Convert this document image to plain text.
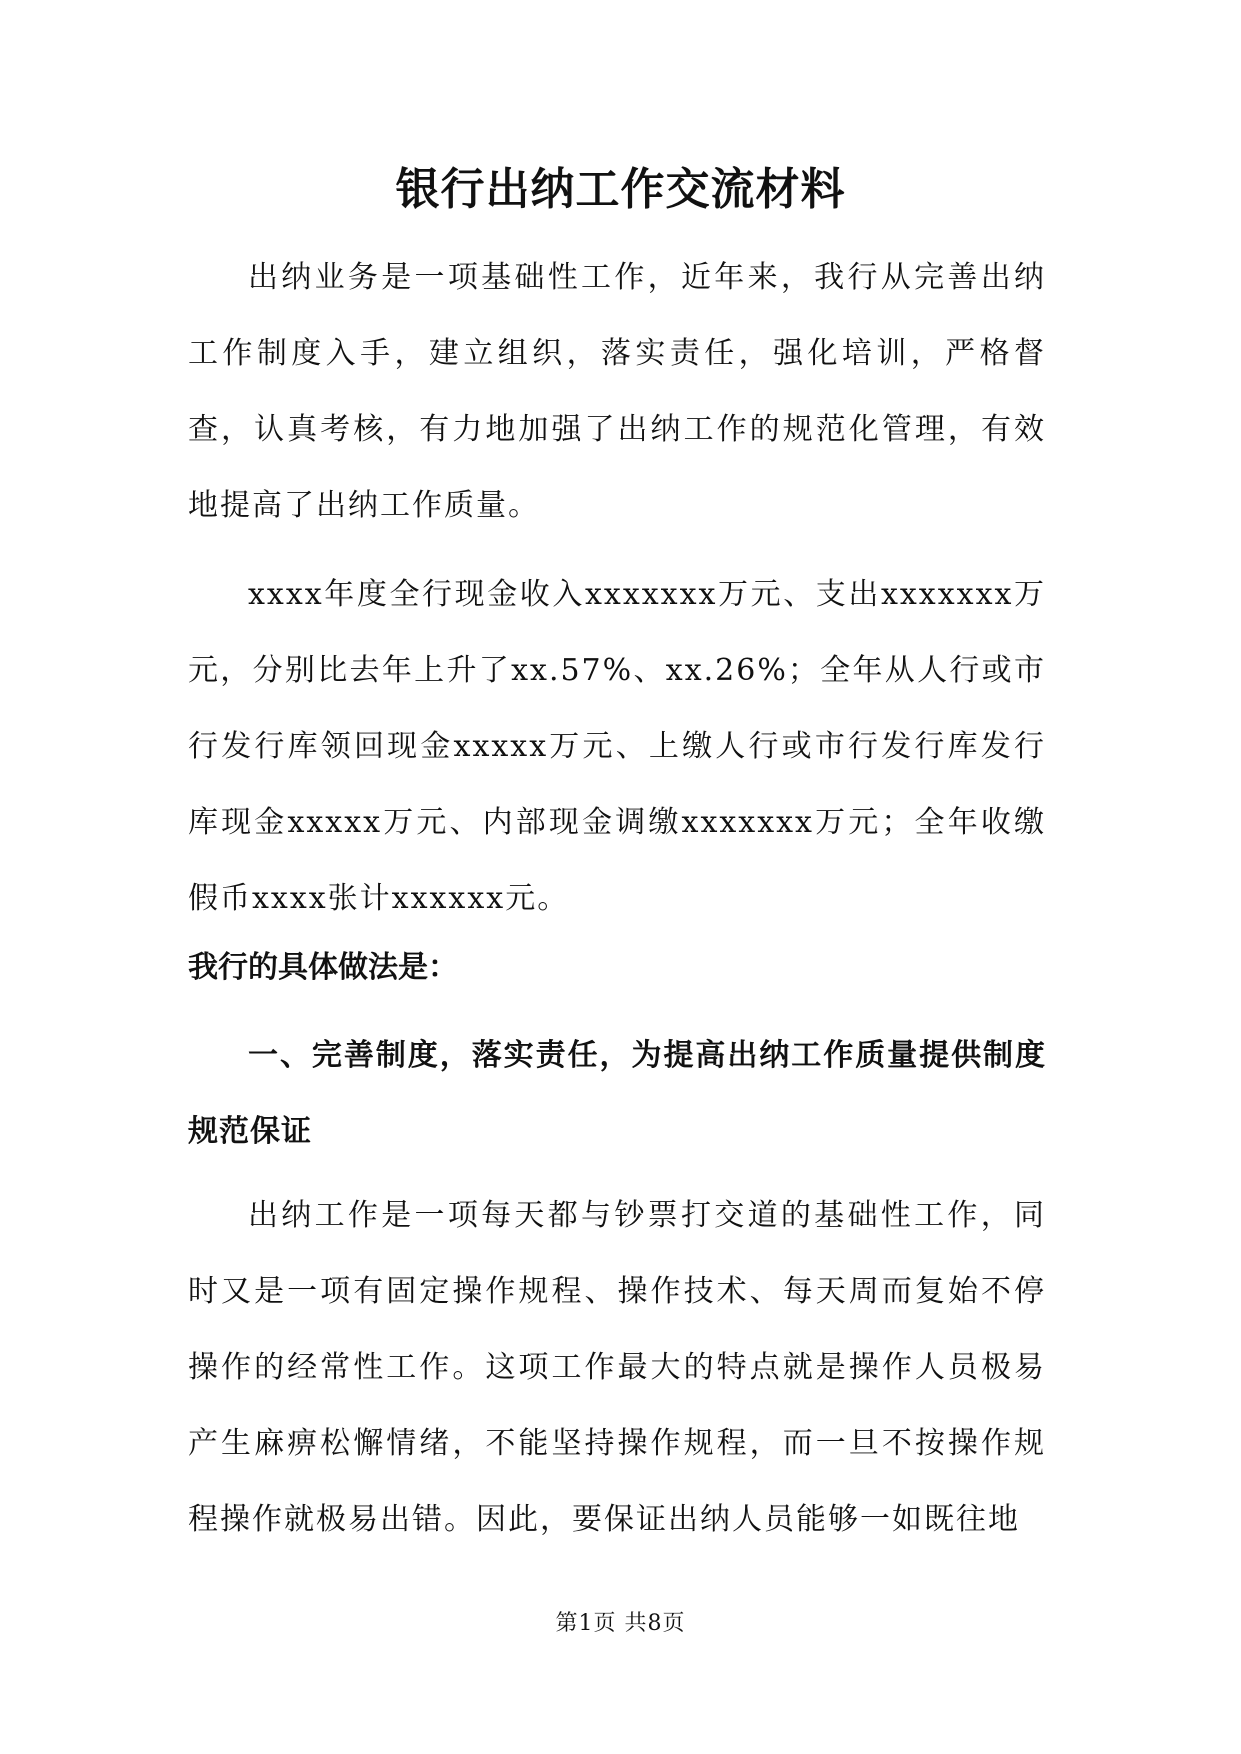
银行出纳工作交流材料

出纳业务是一项基础性工作，近年来，我行从完善出纳工作制度入手，建立组织，落实责任，强化培训，严格督查，认真考核，有力地加强了出纳工作的规范化管理，有效地提高了出纳工作质量。

xxxx年度全行现金收入xxxxxxx万元、支出xxxxxxx万元，分别比去年上升了xx.57%、xx.26%；全年从人行或市行发行库领回现金xxxxx万元、上缴人行或市行发行库发行库现金xxxxx万元、内部现金调缴xxxxxxx万元；全年收缴假币xxxx张计xxxxxx元。

我行的具体做法是：

一、完善制度，落实责任，为提高出纳工作质量提供制度规范保证

出纳工作是一项每天都与钞票打交道的基础性工作，同时又是一项有固定操作规程、操作技术、每天周而复始不停操作的经常性工作。这项工作最大的特点就是操作人员极易产生麻痹松懈情绪，不能坚持操作规程，而一旦不按操作规程操作就极易出错。因此，要保证出纳人员能够一如既往地

第1页 共8页
